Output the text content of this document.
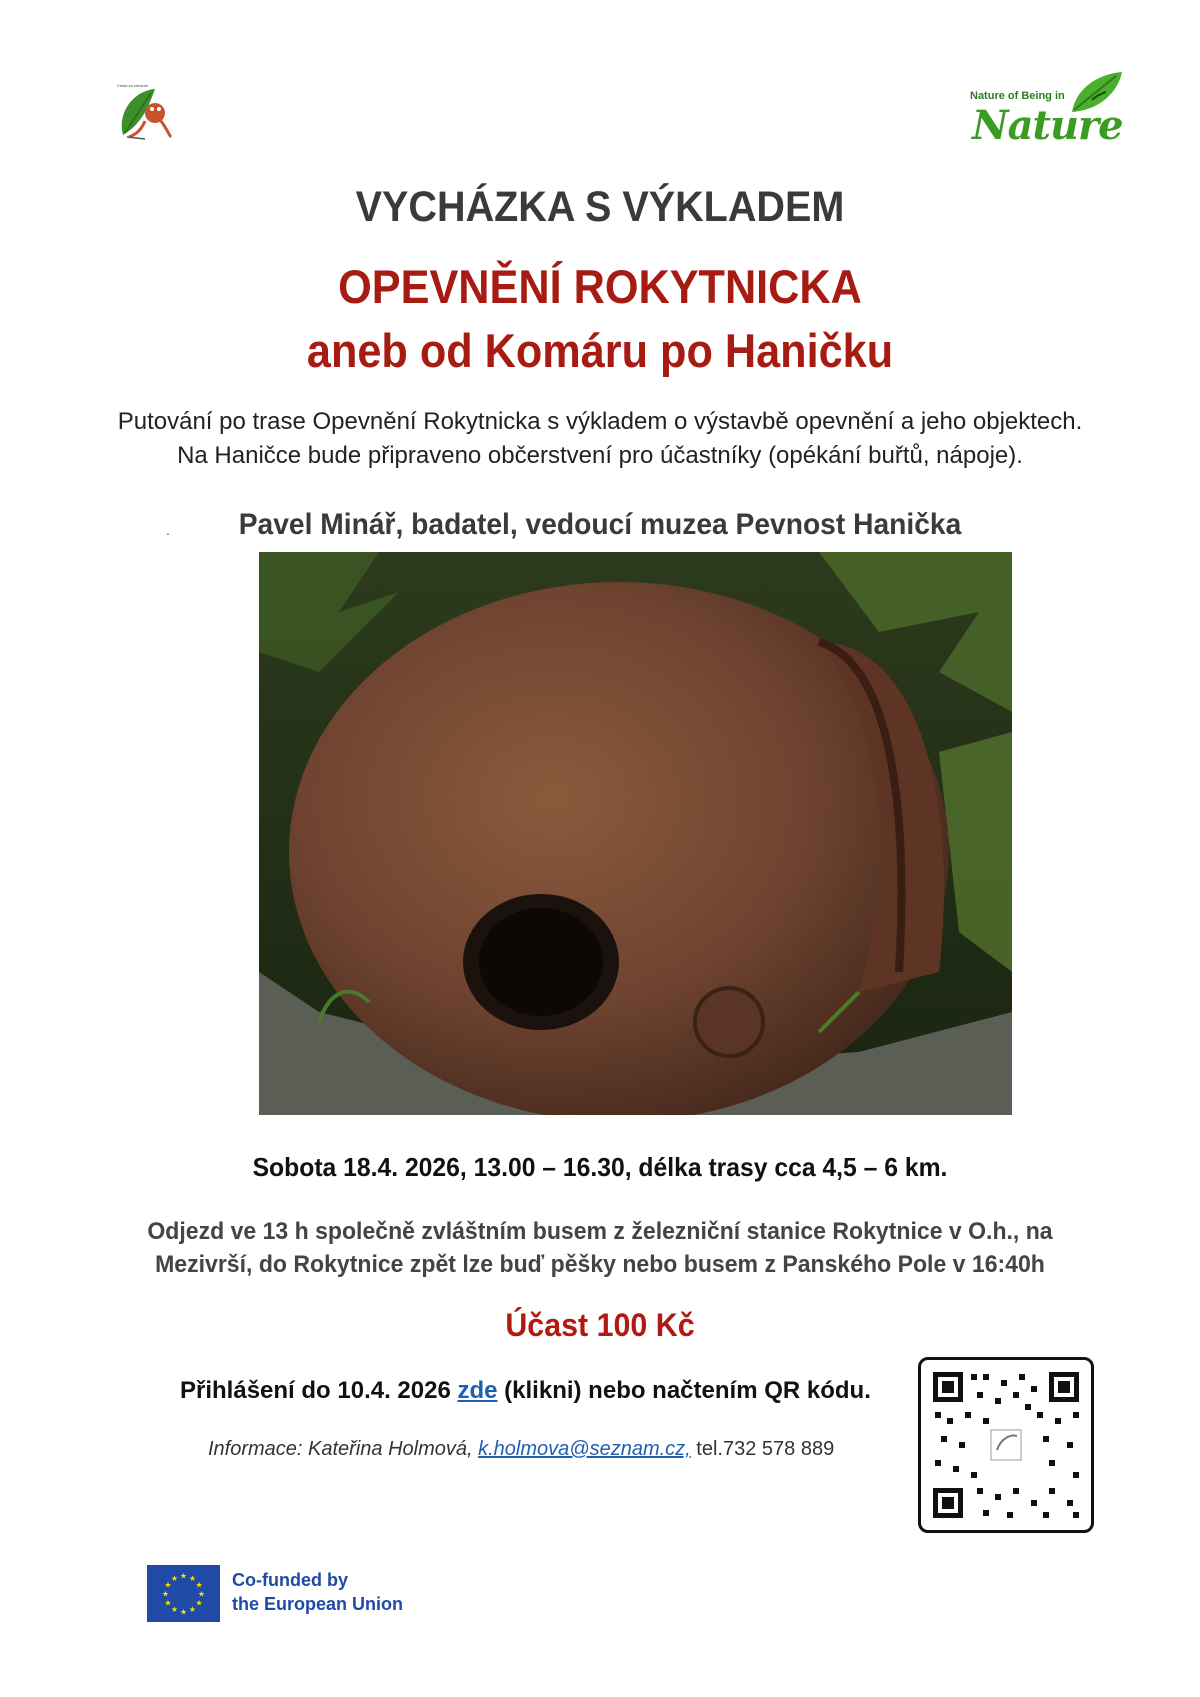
Cesta za zdravím
Nature of Being in
Nature
VYCHÁZKA S VÝKLADEM
OPEVNĚNÍ ROKYTNICKA
aneb od Komáru po Haničku
Putování po trase Opevnění Rokytnicka s výkladem o výstavbě opevnění a jeho objektech.
Na Haničce bude připraveno občerstvení pro účastníky (opékání buřtů, nápoje).
.	Pavel Minář, badatel, vedoucí muzea Pevnost Hanička
Sobota 18.4. 2026, 13.00 – 16.30, délka trasy cca 4,5 – 6 km.
Odjezd ve 13 h společně zvláštním busem z železniční stanice Rokytnice v O.h., na
Mezivrší, do Rokytnice zpět lze buď pěšky nebo busem z Panského Pole v 16:40h
Účast 100 Kč
Přihlášení do 10.4. 2026 zde (klikni) nebo načtením QR kódu.
Informace: Kateřina Holmová, k.holmova@seznam.cz, tel.732 578 889
★
★
★
★
★
★
★
★
★ ★ ★
★ Co-funded by
the European Union
